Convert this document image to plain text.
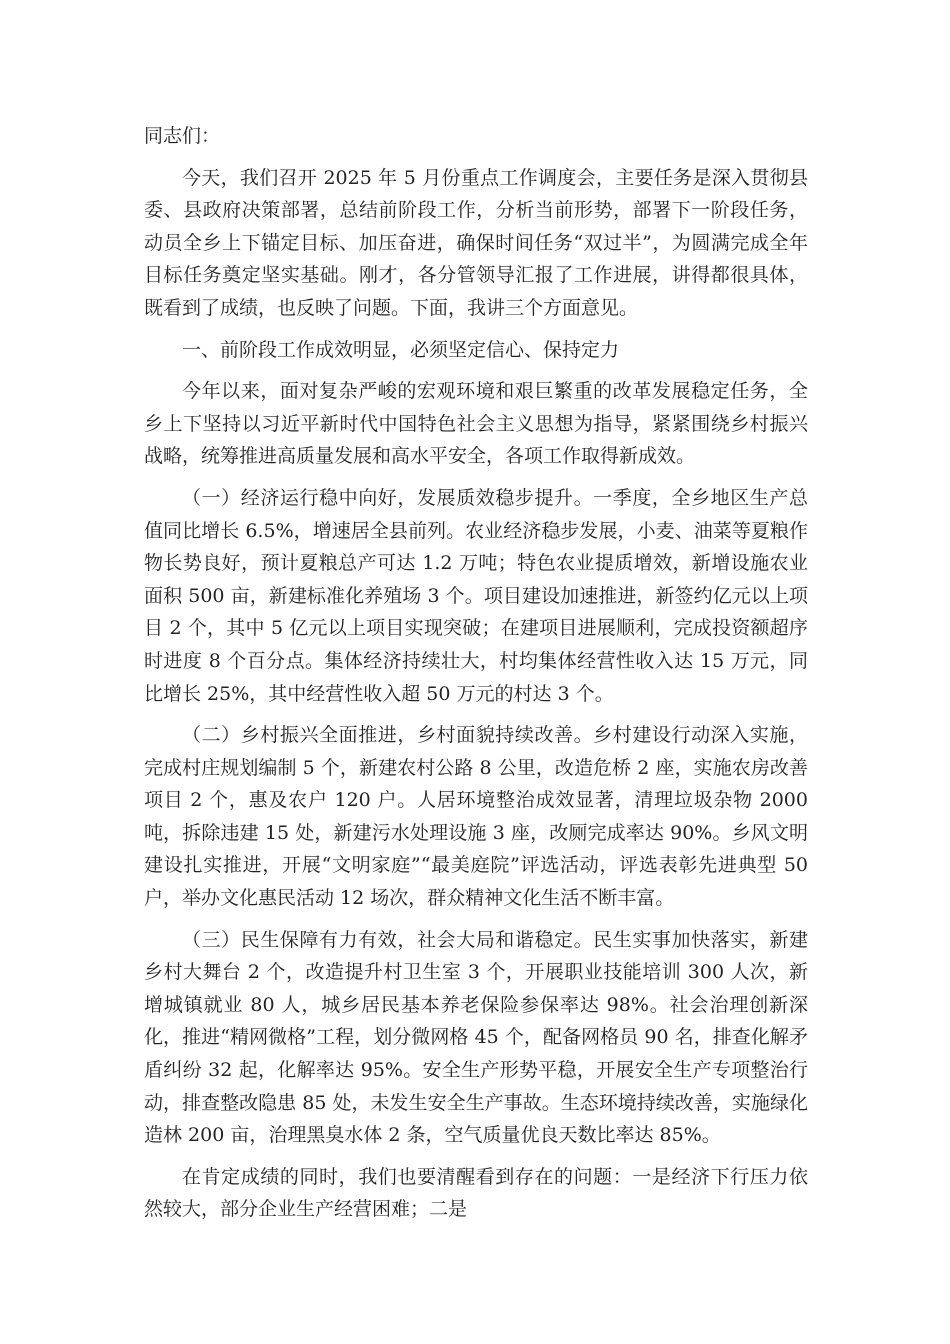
同志们：

今天，我们召开 2025 年 5 月份重点工作调度会，主要任务是深入贯彻县委、县政府决策部署，总结前阶段工作，分析当前形势，部署下一阶段任务，动员全乡上下锚定目标、加压奋进，确保时间任务“双过半”，为圆满完成全年目标任务奠定坚实基础。刚才，各分管领导汇报了工作进展，讲得都很具体，既看到了成绩，也反映了问题。下面，我讲三个方面意见。

一、前阶段工作成效明显，必须坚定信心、保持定力

今年以来，面对复杂严峻的宏观环境和艰巨繁重的改革发展稳定任务，全乡上下坚持以习近平新时代中国特色社会主义思想为指导，紧紧围绕乡村振兴战略，统筹推进高质量发展和高水平安全，各项工作取得新成效。

（一）经济运行稳中向好，发展质效稳步提升。一季度，全乡地区生产总值同比增长 6.5%，增速居全县前列。农业经济稳步发展，小麦、油菜等夏粮作物长势良好，预计夏粮总产可达 1.2 万吨；特色农业提质增效，新增设施农业面积 500 亩，新建标准化养殖场 3 个。项目建设加速推进，新签约亿元以上项目 2 个，其中 5 亿元以上项目实现突破；在建项目进展顺利，完成投资额超序时进度 8 个百分点。集体经济持续壮大，村均集体经营性收入达 15 万元，同比增长 25%，其中经营性收入超 50 万元的村达 3 个。

（二）乡村振兴全面推进，乡村面貌持续改善。乡村建设行动深入实施，完成村庄规划编制 5 个，新建农村公路 8 公里，改造危桥 2 座，实施农房改善项目 2 个，惠及农户 120 户。人居环境整治成效显著，清理垃圾杂物 2000 吨，拆除违建 15 处，新建污水处理设施 3 座，改厕完成率达 90%。乡风文明建设扎实推进，开展“文明家庭”“最美庭院”评选活动，评选表彰先进典型 50 户，举办文化惠民活动 12 场次，群众精神文化生活不断丰富。

（三）民生保障有力有效，社会大局和谐稳定。民生实事加快落实，新建乡村大舞台 2 个，改造提升村卫生室 3 个，开展职业技能培训 300 人次，新增城镇就业 80 人，城乡居民基本养老保险参保率达 98%。社会治理创新深化，推进“精网微格”工程，划分微网格 45 个，配备网格员 90 名，排查化解矛盾纠纷 32 起，化解率达 95%。安全生产形势平稳，开展安全生产专项整治行动，排查整改隐患 85 处，未发生安全生产事故。生态环境持续改善，实施绿化造林 200 亩，治理黑臭水体 2 条，空气质量优良天数比率达 85%。

在肯定成绩的同时，我们也要清醒看到存在的问题：一是经济下行压力依然较大，部分企业生产经营困难；二是
